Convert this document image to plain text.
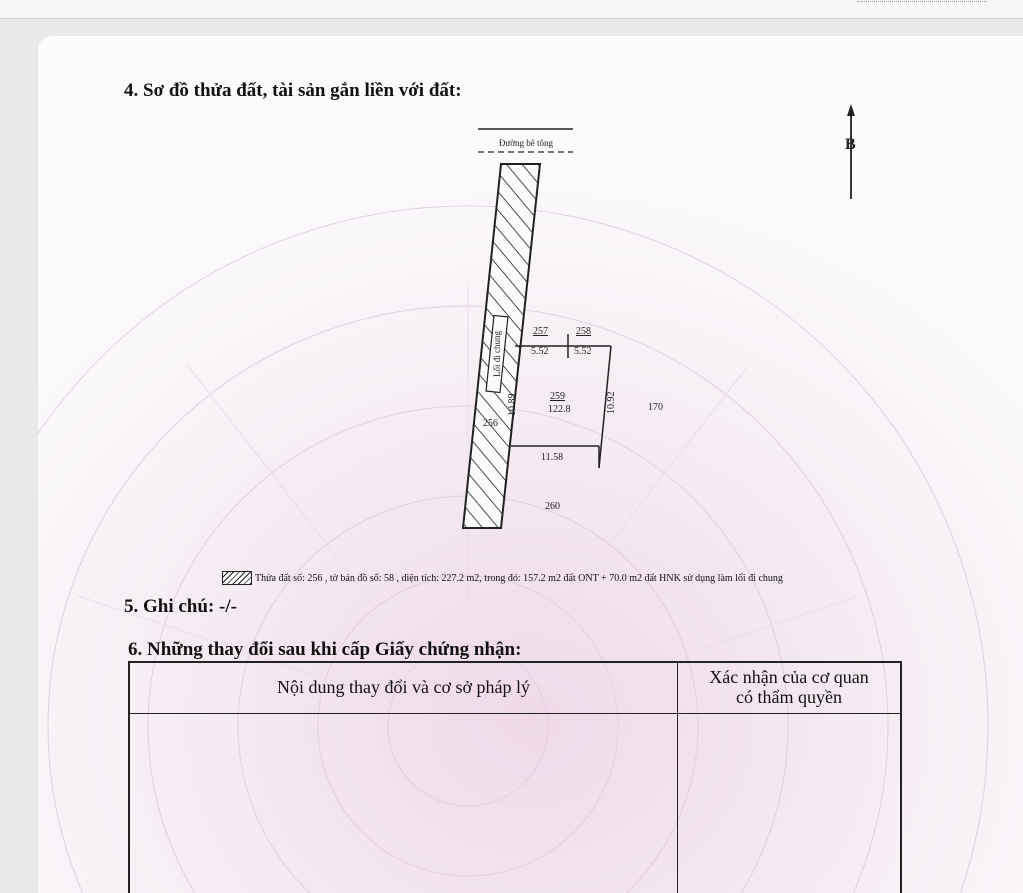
4. Sơ đồ thửa đất, tài sản gắn liền với đất:
Đường bê tông	B
Lối đi chung	257	258
5.52	5.52
259
122.8
10.89	10.92
256
11.58
170
260
Thửa đất số: 256 , tờ bản đồ số: 58 , diện tích: 227.2 m2, trong đó: 157.2 m2 đất ONT + 70.0 m2 đất HNK sử dụng làm lối đi chung
5. Ghi chú: -/-
6. Những thay đổi sau khi cấp Giấy chứng nhận:
Nội dung thay đổi và cơ sở pháp lý	Xác nhận của cơ quan
có thẩm quyền
